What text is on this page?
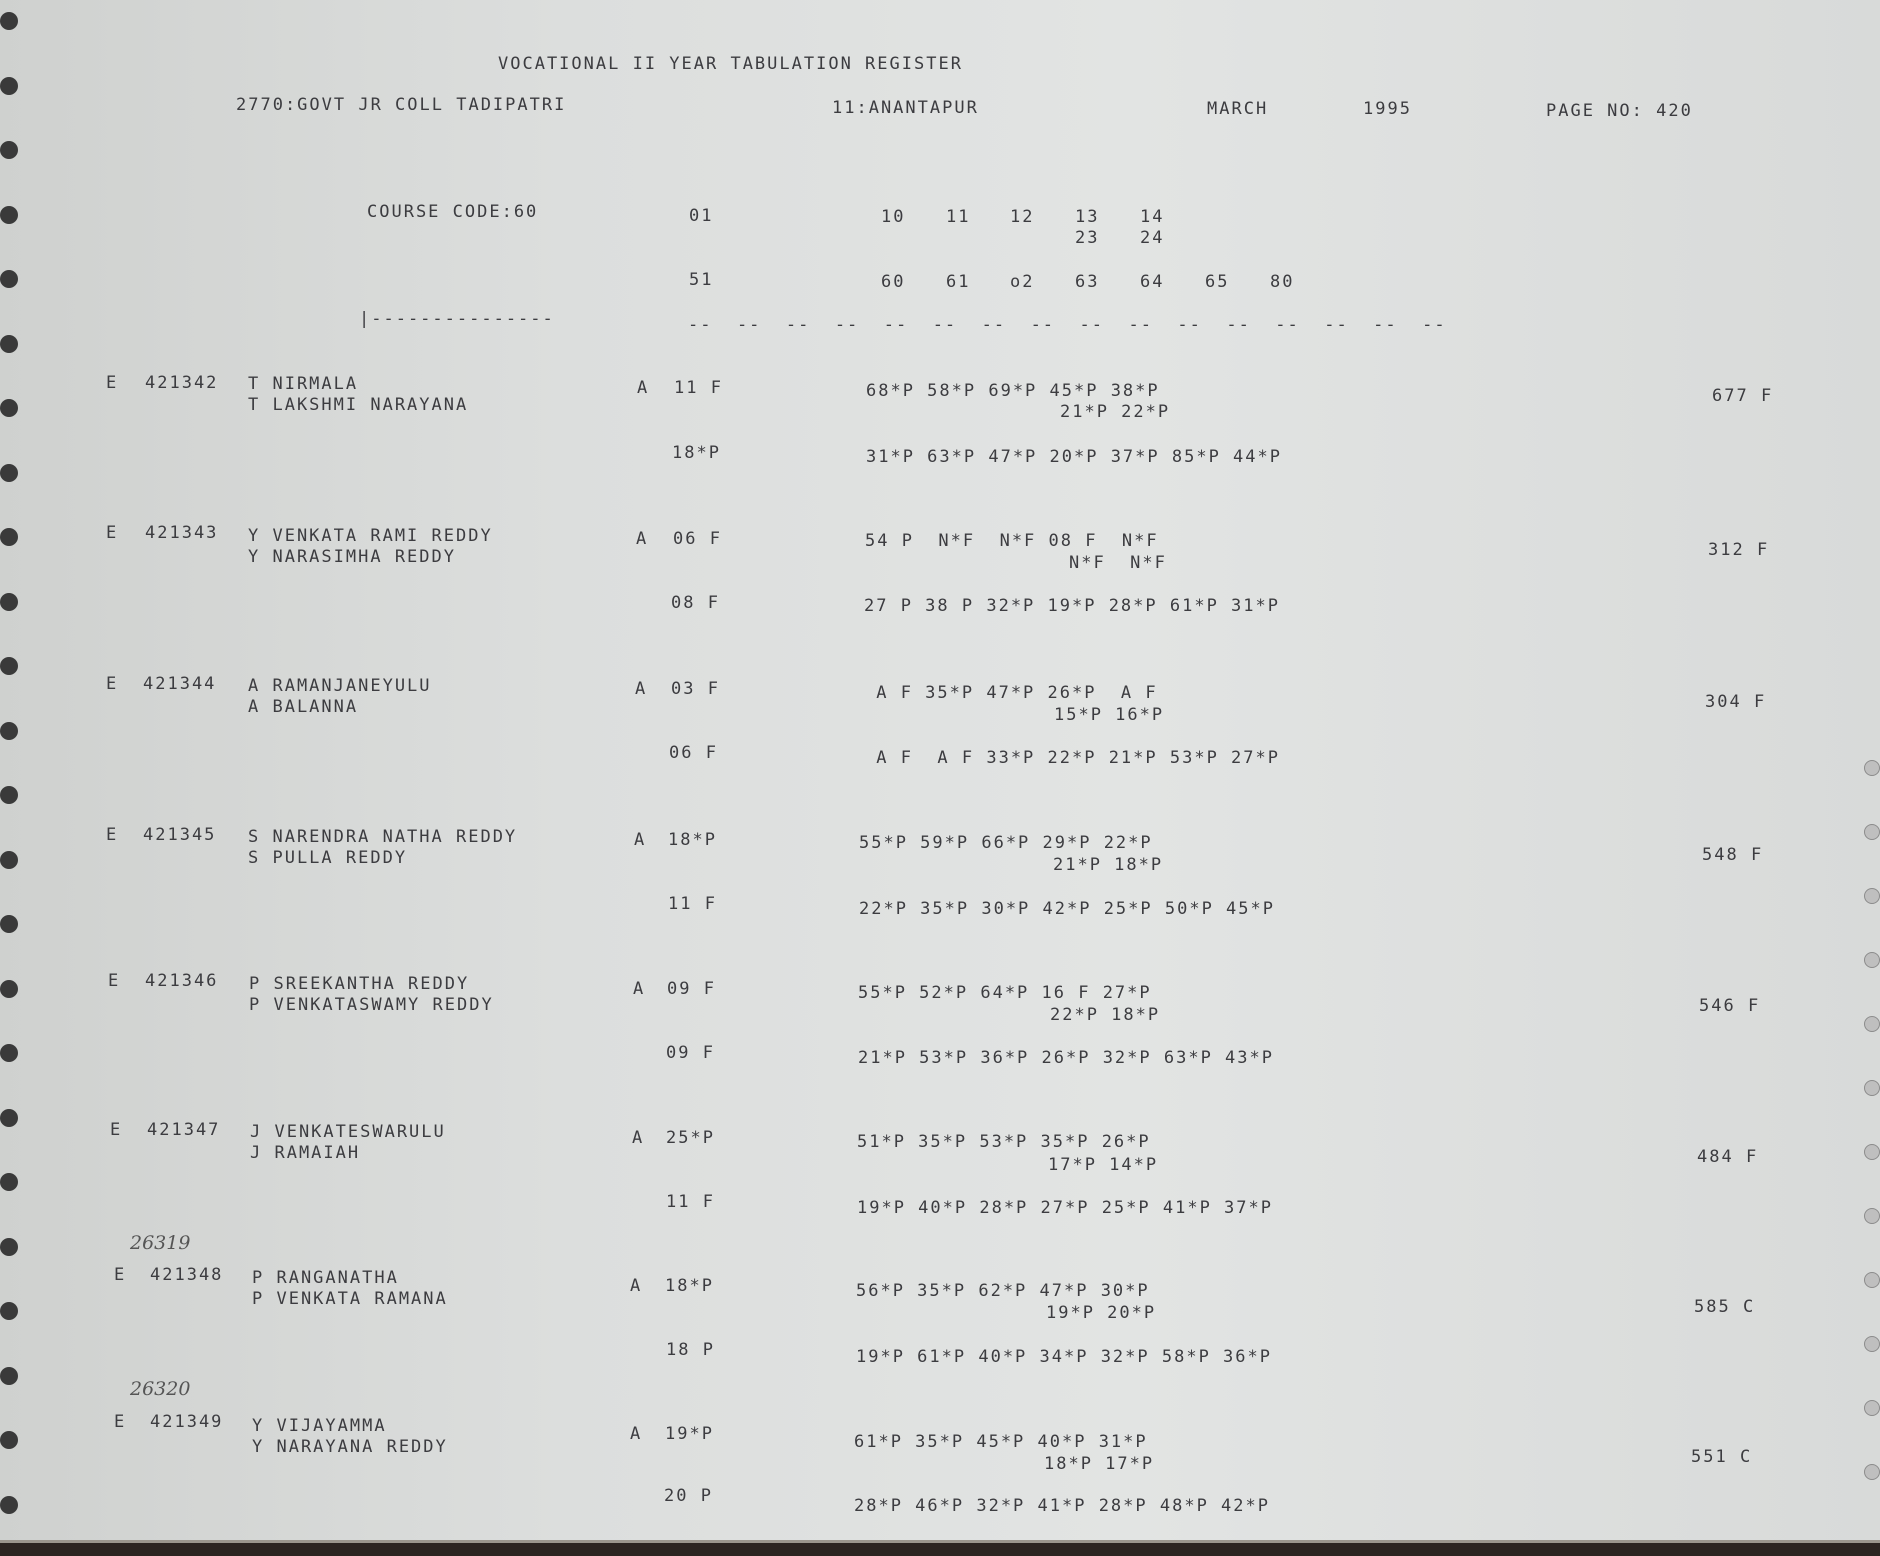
VOCATIONAL II YEAR TABULATION REGISTER
2770:GOVT JR COLL TADIPATRI	11:ANANTAPUR	MARCH	1995	PAGE NO: 420
COURSE CODE:60	01	10 11 12 13 14
23 24
51	60 61 o2 63 64 65 80
|---------------	--  --  --  --  --  --  --  --  --  --  --  --  --  --  --  --
E 421342 T NIRMALA
T LAKSHMI NARAYANA
A 11 F	68*P 58*P 69*P 45*P 38*P
21*P 22*P
18*P	31*P 63*P 47*P 20*P 37*P 85*P 44*P
677 F
E 421343 Y VENKATA RAMI REDDY
Y NARASIMHA REDDY
A 06 F	54 P  N*F  N*F 08 F  N*F
N*F  N*F
08 F	27 P 38 P 32*P 19*P 28*P 61*P 31*P
312 F
E 421344 A RAMANJANEYULU
A BALANNA
A 03 F	A F 35*P 47*P 26*P  A F
15*P 16*P
06 F	A F  A F 33*P 22*P 21*P 53*P 27*P
304 F
E 421345 S NARENDRA NATHA REDDY
S PULLA REDDY
A 18*P	55*P 59*P 66*P 29*P 22*P
21*P 18*P
11 F	22*P 35*P 30*P 42*P 25*P 50*P 45*P
548 F
E 421346 P SREEKANTHA REDDY
P VENKATASWAMY REDDY
A 09 F	55*P 52*P 64*P 16 F 27*P
22*P 18*P
09 F	21*P 53*P 36*P 26*P 32*P 63*P 43*P
546 F
E 421347 J VENKATESWARULU
J RAMAIAH
A 25*P	51*P 35*P 53*P 35*P 26*P
17*P 14*P
11 F	19*P 40*P 28*P 27*P 25*P 41*P 37*P
484 F
26319
E 421348 P RANGANATHA
P VENKATA RAMANA
A 18*P	56*P 35*P 62*P 47*P 30*P
19*P 20*P
18 P	19*P 61*P 40*P 34*P 32*P 58*P 36*P
585 C
26320
E 421349 Y VIJAYAMMA
Y NARAYANA REDDY
A 19*P	61*P 35*P 45*P 40*P 31*P
18*P 17*P
20 P	28*P 46*P 32*P 41*P 28*P 48*P 42*P
551 C
